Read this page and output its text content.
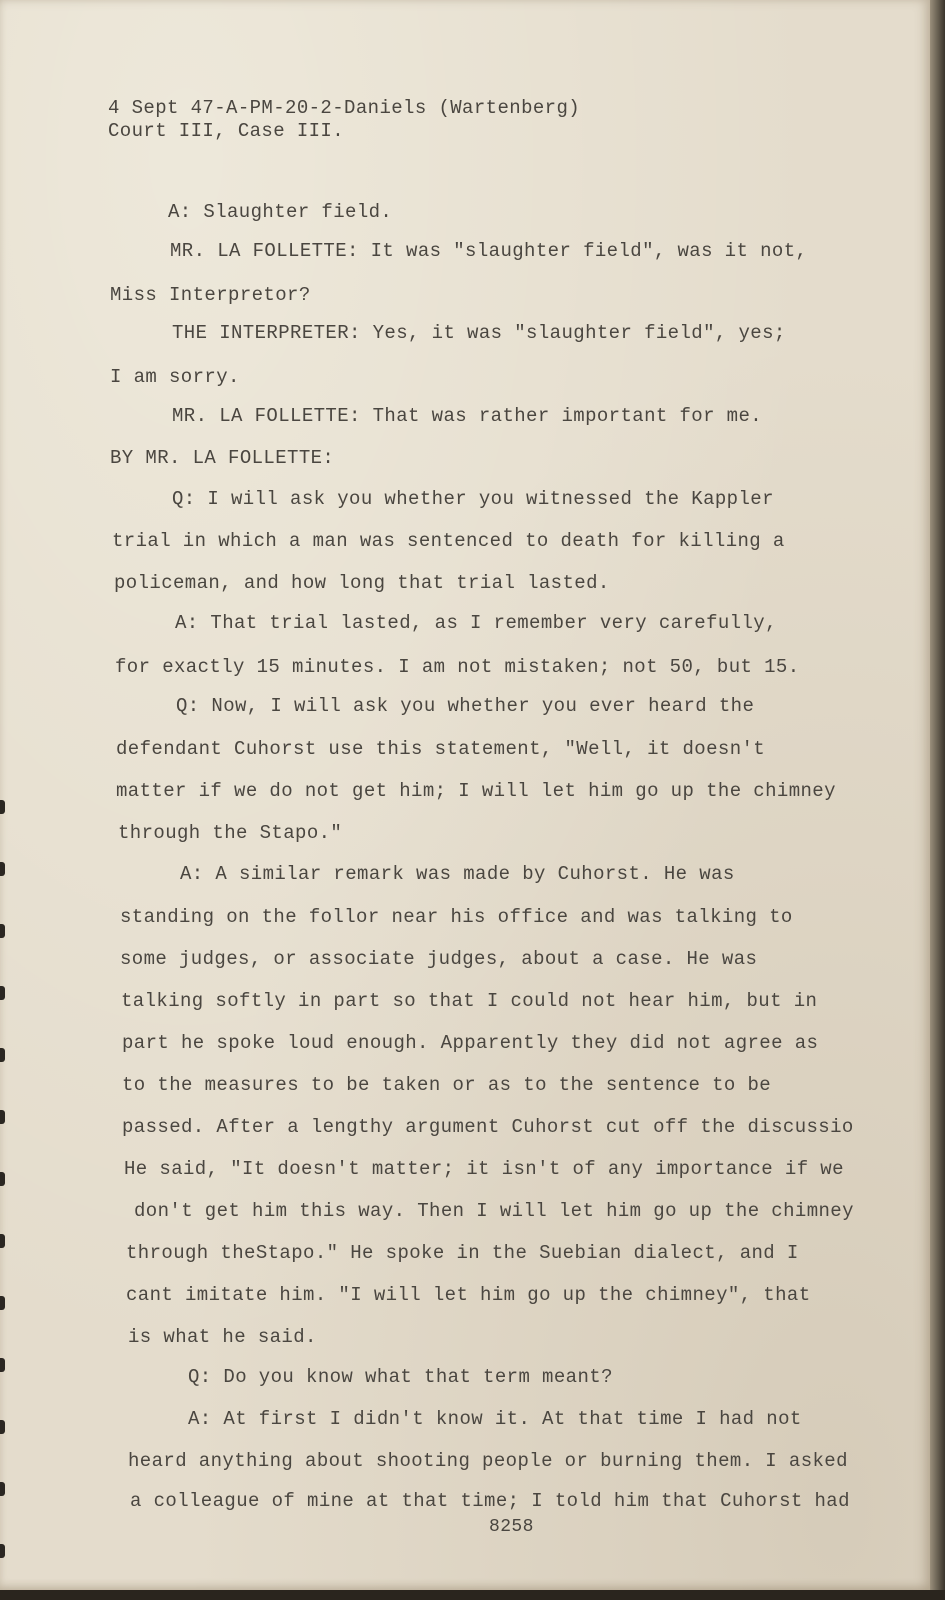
4 Sept 47-A-PM-20-2-Daniels (Wartenberg)
Court III, Case III.
A: Slaughter field.
MR. LA FOLLETTE: It was "slaughter field", was it not,
Miss Interpretor?
THE INTERPRETER: Yes, it was "slaughter field", yes;
I am sorry.
MR. LA FOLLETTE: That was rather important for me.
BY MR. LA FOLLETTE:
Q: I will ask you whether you witnessed the Kappler
trial in which a man was sentenced to death for killing a
policeman, and how long that trial lasted.
A: That trial lasted, as I remember very carefully,
for exactly 15 minutes. I am not mistaken; not 50, but 15.
Q: Now, I will ask you whether you ever heard the
defendant Cuhorst use this statement, "Well, it doesn't
matter if we do not get him; I will let him go up the chimney
through the Stapo."
A: A similar remark was made by Cuhorst. He was
standing on the follor near his office and was talking to
some judges, or associate judges, about a case. He was
talking softly in part so that I could not hear him, but in
part he spoke loud enough. Apparently they did not agree as
to the measures to be taken or as to the sentence to be
passed. After a lengthy argument Cuhorst cut off the discussio
He said, "It doesn't matter; it isn't of any importance if we
don't get him this way. Then I will let him go up the chimney
through theStapo." He spoke in the Suebian dialect, and I
cant imitate him. "I will let him go up the chimney", that
is what he said.
Q: Do you know what that term meant?
A: At first I didn't know it. At that time I had not
heard anything about shooting people or burning them. I asked
a colleague of mine at that time; I told him that Cuhorst had
8258
